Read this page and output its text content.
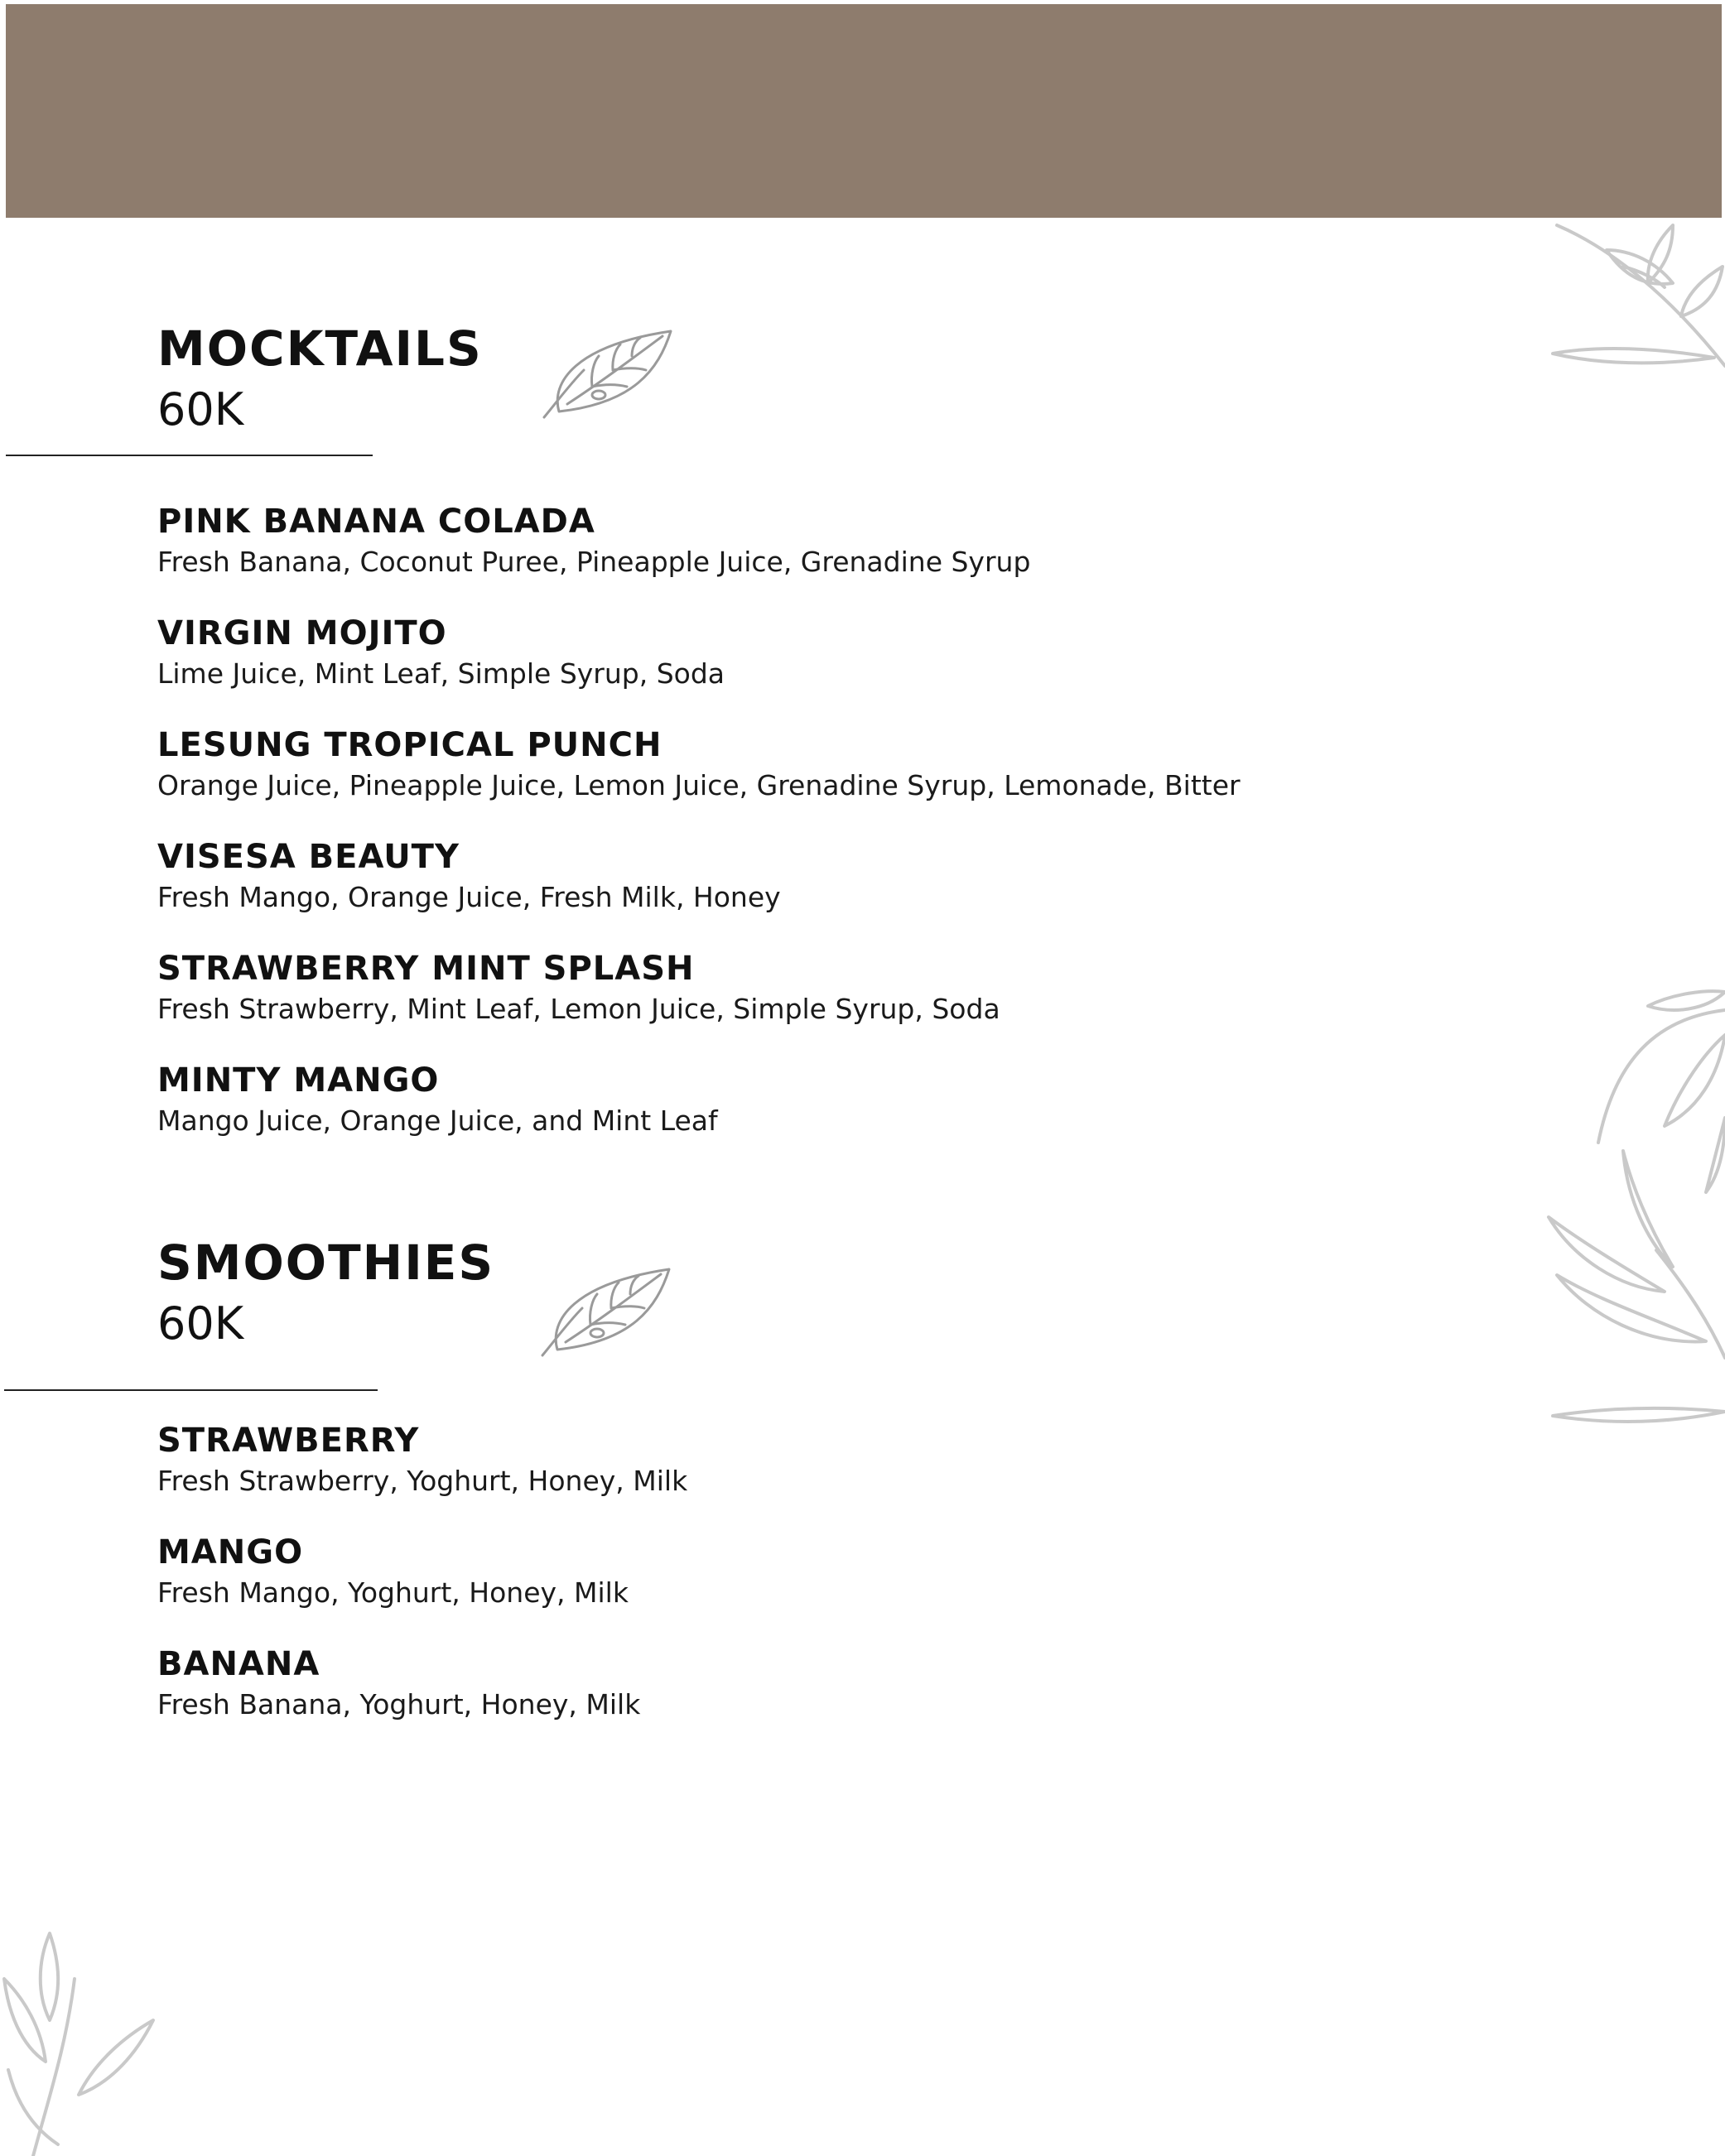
MOCKTAILS
60K
PINK BANANA COLADA
Fresh Banana, Coconut Puree, Pineapple Juice, Grenadine Syrup
VIRGIN MOJITO
Lime Juice, Mint Leaf, Simple Syrup, Soda
LESUNG TROPICAL PUNCH
Orange Juice, Pineapple Juice, Lemon Juice, Grenadine Syrup, Lemonade, Bitter
VISESA BEAUTY
Fresh Mango, Orange Juice, Fresh Milk, Honey
STRAWBERRY MINT SPLASH
Fresh Strawberry, Mint Leaf, Lemon Juice, Simple Syrup, Soda
MINTY MANGO
Mango Juice, Orange Juice, and Mint Leaf
SMOOTHIES
60K
STRAWBERRY
Fresh Strawberry, Yoghurt, Honey, Milk
MANGO
Fresh Mango, Yoghurt, Honey, Milk
BANANA
Fresh Banana, Yoghurt, Honey, Milk
